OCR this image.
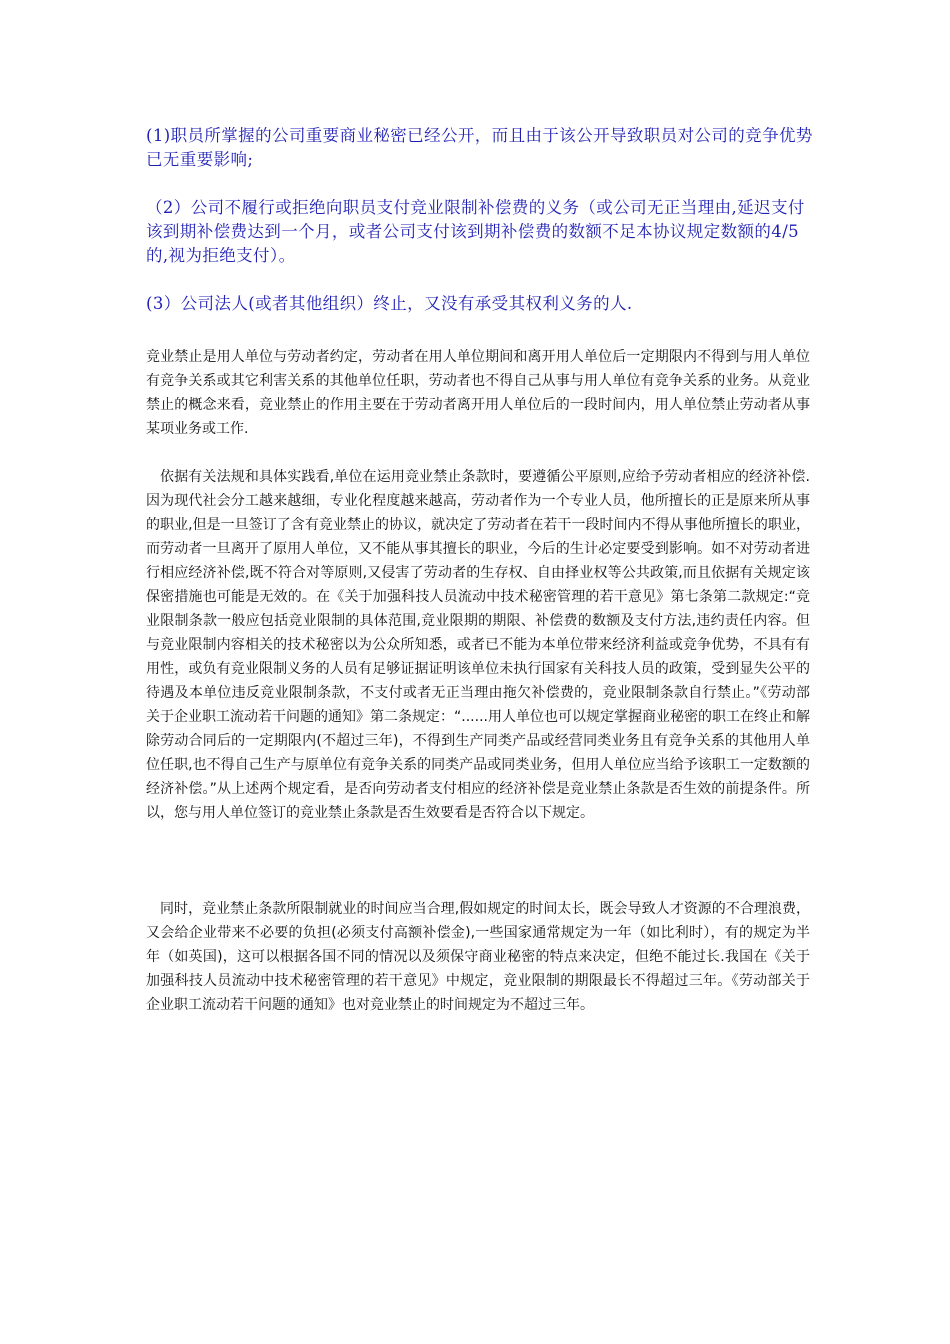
(1)职员所掌握的公司重要商业秘密已经公开，而且由于该公开导致职员对公司的竞争优势已无重要影响;

（2）公司不履行或拒绝向职员支付竞业限制补偿费的义务（或公司无正当理由,延迟支付该到期补偿费达到一个月，或者公司支付该到期补偿费的数额不足本协议规定数额的4/5的,视为拒绝支付）。

(3）公司法人(或者其他组织）终止，又没有承受其权利义务的人.

竞业禁止是用人单位与劳动者约定，劳动者在用人单位期间和离开用人单位后一定期限内不得到与用人单位有竞争关系或其它利害关系的其他单位任职，劳动者也不得自己从事与用人单位有竞争关系的业务。从竞业禁止的概念来看，竞业禁止的作用主要在于劳动者离开用人单位后的一段时间内，用人单位禁止劳动者从事某项业务或工作.

依据有关法规和具体实践看,单位在运用竞业禁止条款时，要遵循公平原则,应给予劳动者相应的经济补偿.因为现代社会分工越来越细，专业化程度越来越高，劳动者作为一个专业人员，他所擅长的正是原来所从事的职业,但是一旦签订了含有竞业禁止的协议，就决定了劳动者在若干一段时间内不得从事他所擅长的职业，而劳动者一旦离开了原用人单位，又不能从事其擅长的职业，今后的生计必定要受到影响。如不对劳动者进行相应经济补偿,既不符合对等原则,又侵害了劳动者的生存权、自由择业权等公共政策,而且依据有关规定该保密措施也可能是无效的。在《关于加强科技人员流动中技术秘密管理的若干意见》第七条第二款规定:“竞业限制条款一般应包括竞业限制的具体范围,竞业限期的期限、补偿费的数额及支付方法,违约责任内容。但与竞业限制内容相关的技术秘密以为公众所知悉，或者已不能为本单位带来经济利益或竞争优势，不具有有用性，或负有竞业限制义务的人员有足够证据证明该单位未执行国家有关科技人员的政策，受到显失公平的待遇及本单位违反竞业限制条款，不支付或者无正当理由拖欠补偿费的，竞业限制条款自行禁止。”《劳动部关于企业职工流动若干问题的通知》第二条规定：“......用人单位也可以规定掌握商业秘密的职工在终止和解除劳动合同后的一定期限内(不超过三年)，不得到生产同类产品或经营同类业务且有竞争关系的其他用人单位任职,也不得自己生产与原单位有竞争关系的同类产品或同类业务，但用人单位应当给予该职工一定数额的经济补偿。”从上述两个规定看，是否向劳动者支付相应的经济补偿是竞业禁止条款是否生效的前提条件。所以，您与用人单位签订的竞业禁止条款是否生效要看是否符合以下规定。

同时，竞业禁止条款所限制就业的时间应当合理,假如规定的时间太长，既会导致人才资源的不合理浪费，又会给企业带来不必要的负担(必须支付高额补偿金),一些国家通常规定为一年（如比利时），有的规定为半年（如英国)，这可以根据各国不同的情况以及须保守商业秘密的特点来决定，但绝不能过长.我国在《关于加强科技人员流动中技术秘密管理的若干意见》中规定，竞业限制的期限最长不得超过三年。《劳动部关于企业职工流动若干问题的通知》也对竞业禁止的时间规定为不超过三年。
